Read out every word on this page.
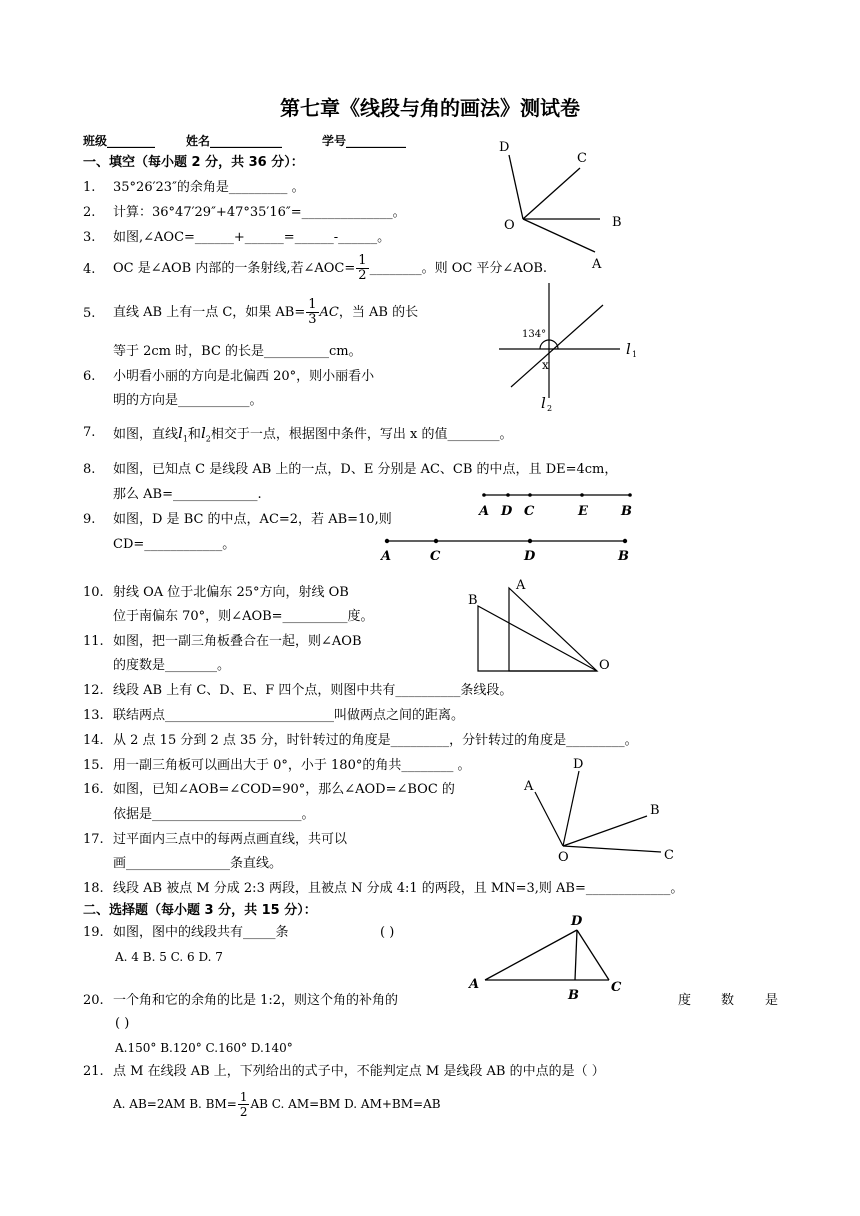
第七章《线段与角的画法》测试卷
班级________	姓名____________	学号__________
一、填空（每小题 2 分，共 36 分）：
1.	35°26′23″的余角是_________ 。
2.	计算：36°47′29″+47°35′16″=______________。
3.	如图,∠AOC=______+______=______-______。
4.	OC 是∠AOB 内部的一条射线,若∠AOC= $\frac{1}{2}$ ________。则 OC 平分∠AOB.
5.	直线 AB 上有一点 C，如果 $AB= \frac{1}{3}$ AC，当 AB 的长
等于 2cm 时，BC 的长是__________cm。
6.	小明看小丽的方向是北偏西 20°，则小丽看小
明的方向是___________。
7.	如图，直线$l_1$和$l_2$相交于一点，根据图中条件，写出 x 的值________。
8.	如图，已知点 C 是线段 AB 上的一点，D、E 分别是 AC、CB 的中点，且 DE=4cm，
那么 AB=_____________.
9.	如图，D 是 BC 的中点，AC=2，若 AB=10,则
CD=____________。
10. 射线 OA 位于北偏东 25°方向，射线 OB
位于南偏东 70°，则∠AOB=__________度。
11. 如图，把一副三角板叠合在一起，则∠AOB
的度数是________。
12. 线段 AB 上有 C、D、E、F 四个点，则图中共有__________条线段。
13. 联结两点__________________________叫做两点之间的距离。
14. 从 2 点 15 分到 2 点 35 分，时针转过的角度是_________，分针转过的角度是_________。
15. 用一副三角板可以画出大于 0°，小于 180°的角共________ 。
16. 如图，已知∠AOB=∠COD=90°，那么∠AOD=∠BOC 的
依据是_______________________。
17. 过平面内三点中的每两点画直线，共可以
画________________条直线。
18. 线段 AB 被点 M 分成 2:3 两段，且被点 N 分成 4:1 的两段，且 MN=3,则 AB=_____________。
二、选择题（每小题 3 分，共 15 分）：
19. 如图，图中的线段共有_____条	( )
A. 4 B. 5 C. 6 D. 7
20. 一个角和它的余角的比是 1:2，则这个角的补角的	度 数 是
( )
A.150° B.120° C.160° D.140°
21. 点 M 在线段 AB 上，下列给出的式子中，不能判定点 M 是线段 AB 的中点的是（ ）
A. AB=2AM B. $BM= \frac{1}{2}$ AB C. AM=BM D. AM+BM=AB
D
C
B
O
A
134°
x
l 1
l 2
A D C	E	B
A	C	D	B
A
B
O
D
A
B
O	C
D
A
B
C
